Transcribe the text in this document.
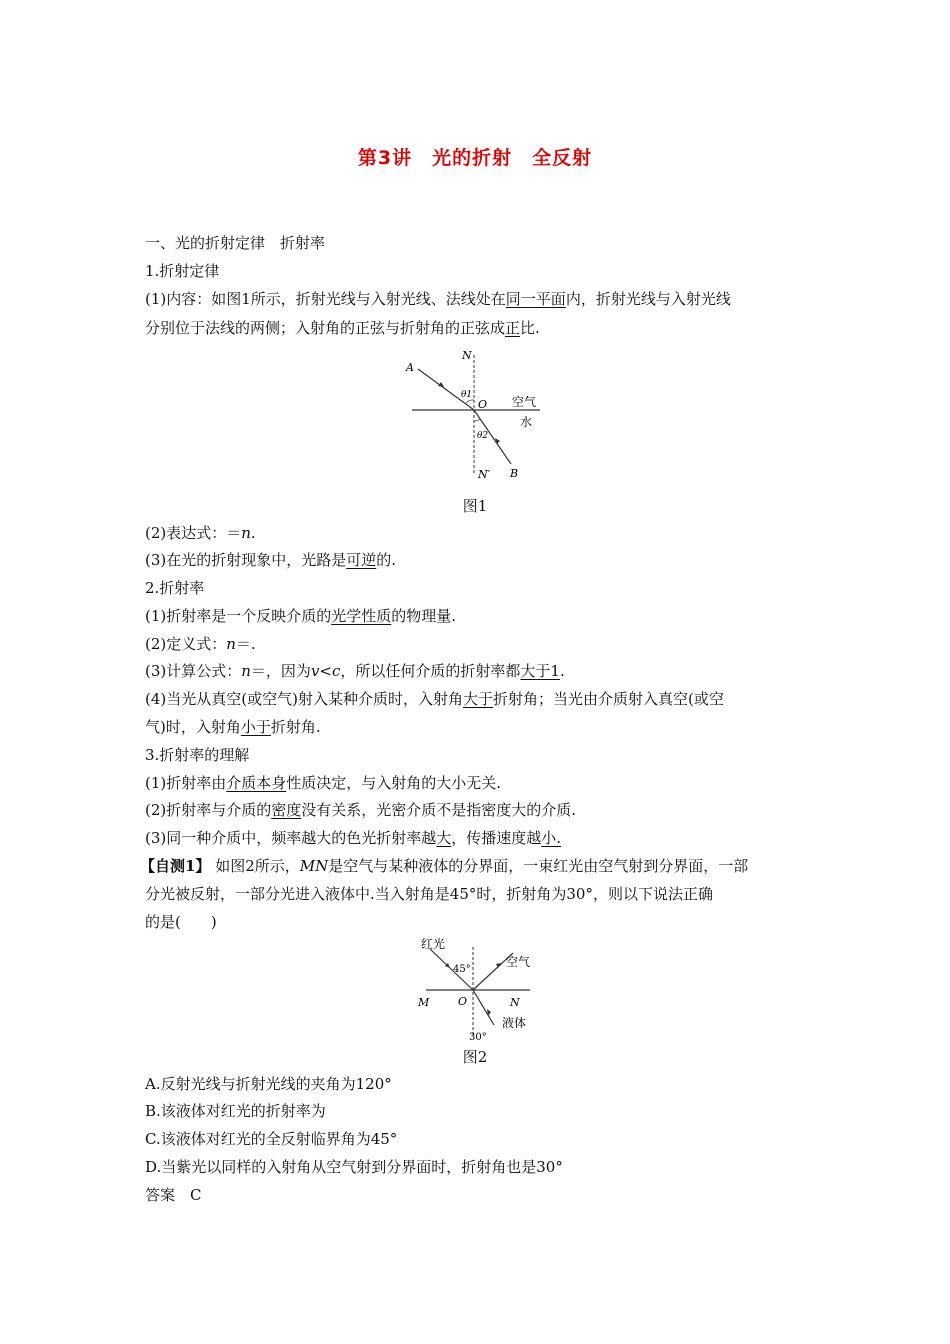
第3讲　光的折射　全反射
一、光的折射定律　折射率
1.折射定律
(1)内容：如图1所示，折射光线与入射光线、法线处在同一平面内，折射光线与入射光线
分别位于法线的两侧；入射角的正弦与折射角的正弦成正比.
N
N′
A
B
O
θ1
θ2
空气
水
图1
(2)表达式：＝n.
(3)在光的折射现象中，光路是可逆的.
2.折射率
(1)折射率是一个反映介质的光学性质的物理量.
(2)定义式：n＝.
(3)计算公式：n＝，因为v<c，所以任何介质的折射率都大于1.
(4)当光从真空(或空气)射入某种介质时，入射角大于折射角；当光由介质射入真空(或空
气)时，入射角小于折射角.
3.折射率的理解
(1)折射率由介质本身性质决定，与入射角的大小无关.
(2)折射率与介质的密度没有关系，光密介质不是指密度大的介质.
(3)同一种介质中，频率越大的色光折射率越大，传播速度越小.
【自测1】 如图2所示，MN是空气与某种液体的分界面，一束红光由空气射到分界面，一部
分光被反射，一部分光进入液体中.当入射角是45°时，折射角为30°，则以下说法正确
的是(　　)
红光
空气
45°
M	O	N
30°
液体
图2
A.反射光线与折射光线的夹角为120°
B.该液体对红光的折射率为
C.该液体对红光的全反射临界角为45°
D.当紫光以同样的入射角从空气射到分界面时，折射角也是30°
答案　C
